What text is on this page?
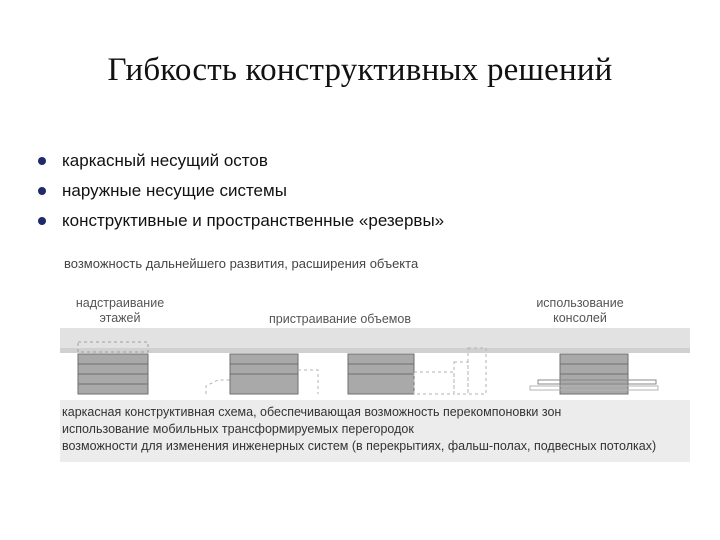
Гибкость конструктивных решений
каркасный несущий остов
наружные несущие системы
конструктивные и пространственные «резервы»
возможность дальнейшего развития, расширения объекта
надстраивание
этажей	пристраивание объемов
использование
консолей
каркасная конструктивная схема, обеспечивающая возможность перекомпоновки зон
использование мобильных трансформируемых перегородок
возможности для изменения инженерных систем (в перекрытиях, фальш-полах, подвесных потолках)
